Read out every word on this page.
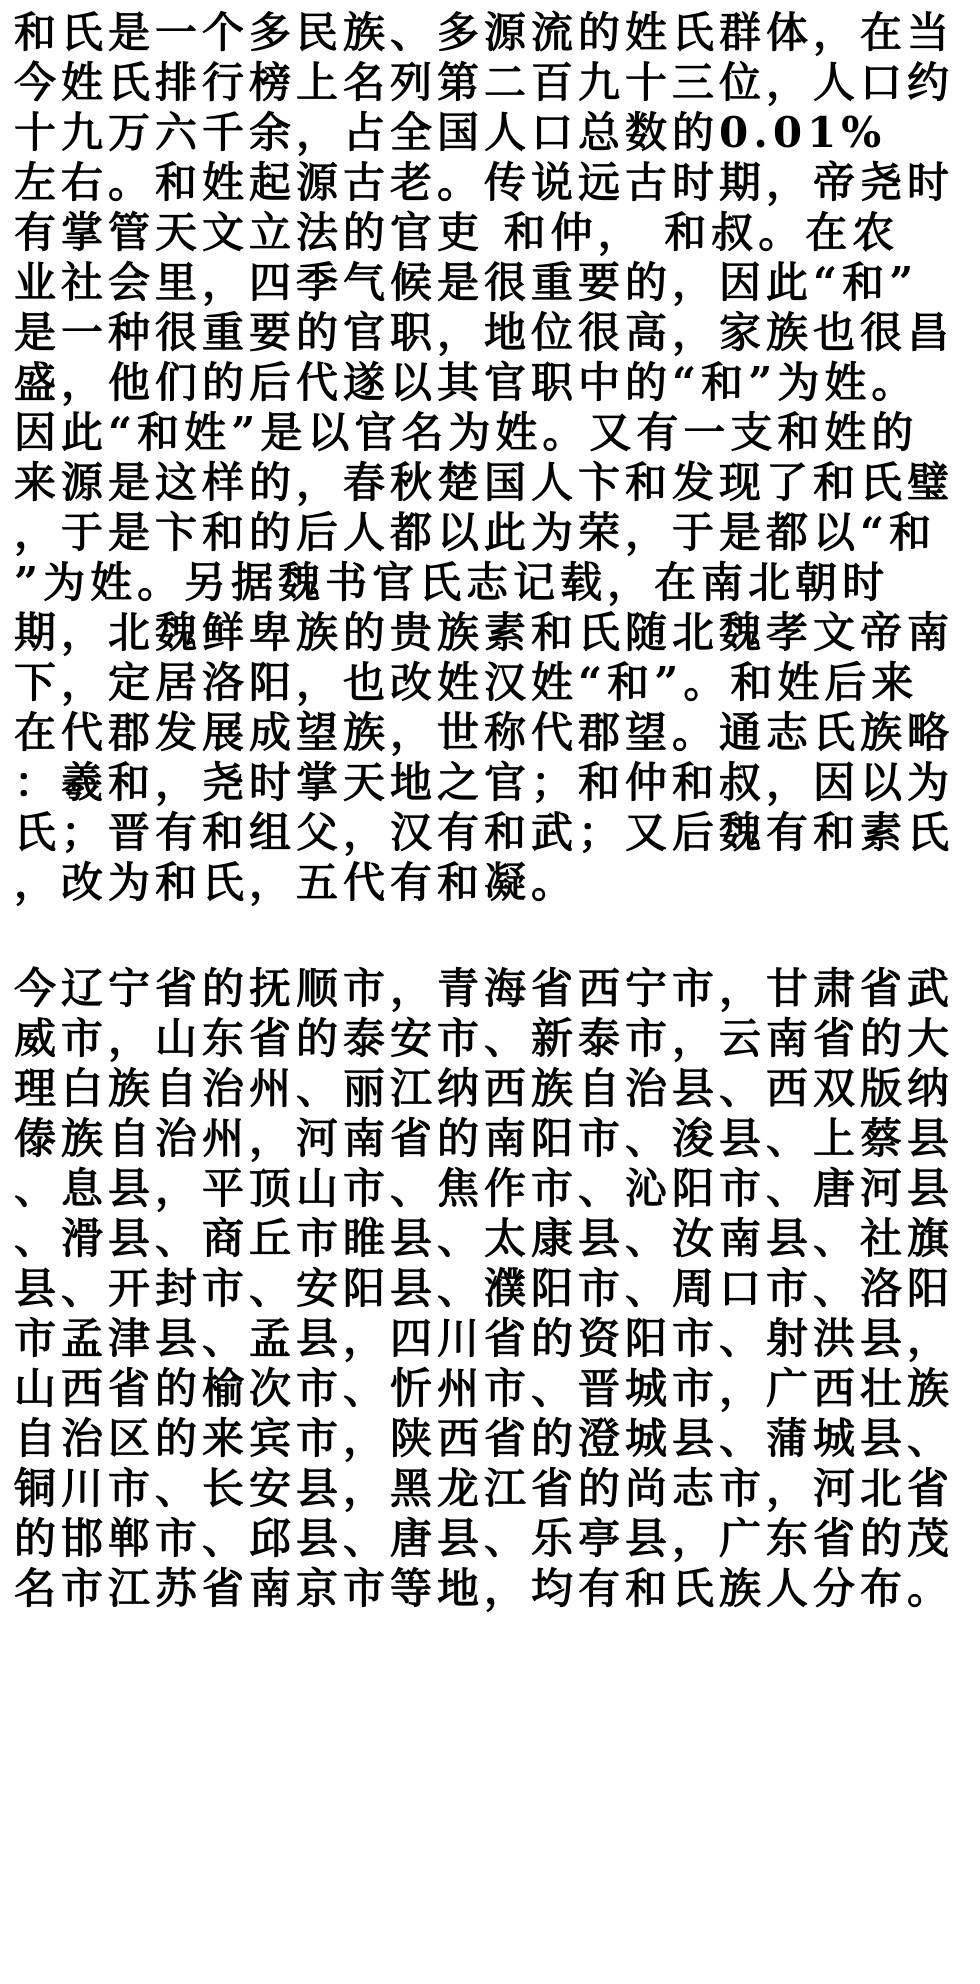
和氏是一个多民族、多源流的姓氏群体，在当
今姓氏排行榜上名列第二百九十三位，人口约
十九万六千余，占全国人口总数的0.01%
左右。和姓起源古老。传说远古时期，帝尧时
有掌管天文立法的官吏 和仲， 和叔。在农
业社会里，四季气候是很重要的，因此“和”
是一种很重要的官职，地位很高，家族也很昌
盛，他们的后代遂以其官职中的“和”为姓。
因此“和姓”是以官名为姓。又有一支和姓的
来源是这样的，春秋楚国人卞和发现了和氏璧
，于是卞和的后人都以此为荣，于是都以“和
”为姓。另据魏书官氏志记载，在南北朝时
期，北魏鲜卑族的贵族素和氏随北魏孝文帝南
下，定居洛阳，也改姓汉姓“和”。和姓后来
在代郡发展成望族，世称代郡望。通志氏族略
：羲和，尧时掌天地之官；和仲和叔，因以为
氏；晋有和组父，汉有和武；又后魏有和素氏
，改为和氏，五代有和凝。
今辽宁省的抚顺市，青海省西宁市，甘肃省武
威市，山东省的泰安市、新泰市，云南省的大
理白族自治州、丽江纳西族自治县、西双版纳
傣族自治州，河南省的南阳市、浚县、上蔡县
、息县，平顶山市、焦作市、沁阳市、唐河县
、滑县、商丘市睢县、太康县、汝南县、社旗
县、开封市、安阳县、濮阳市、周口市、洛阳
市孟津县、孟县，四川省的资阳市、射洪县，
山西省的榆次市、忻州市、晋城市，广西壮族
自治区的来宾市，陕西省的澄城县、蒲城县、
铜川市、长安县，黑龙江省的尚志市，河北省
的邯郸市、邱县、唐县、乐亭县，广东省的茂
名市江苏省南京市等地，均有和氏族人分布。
